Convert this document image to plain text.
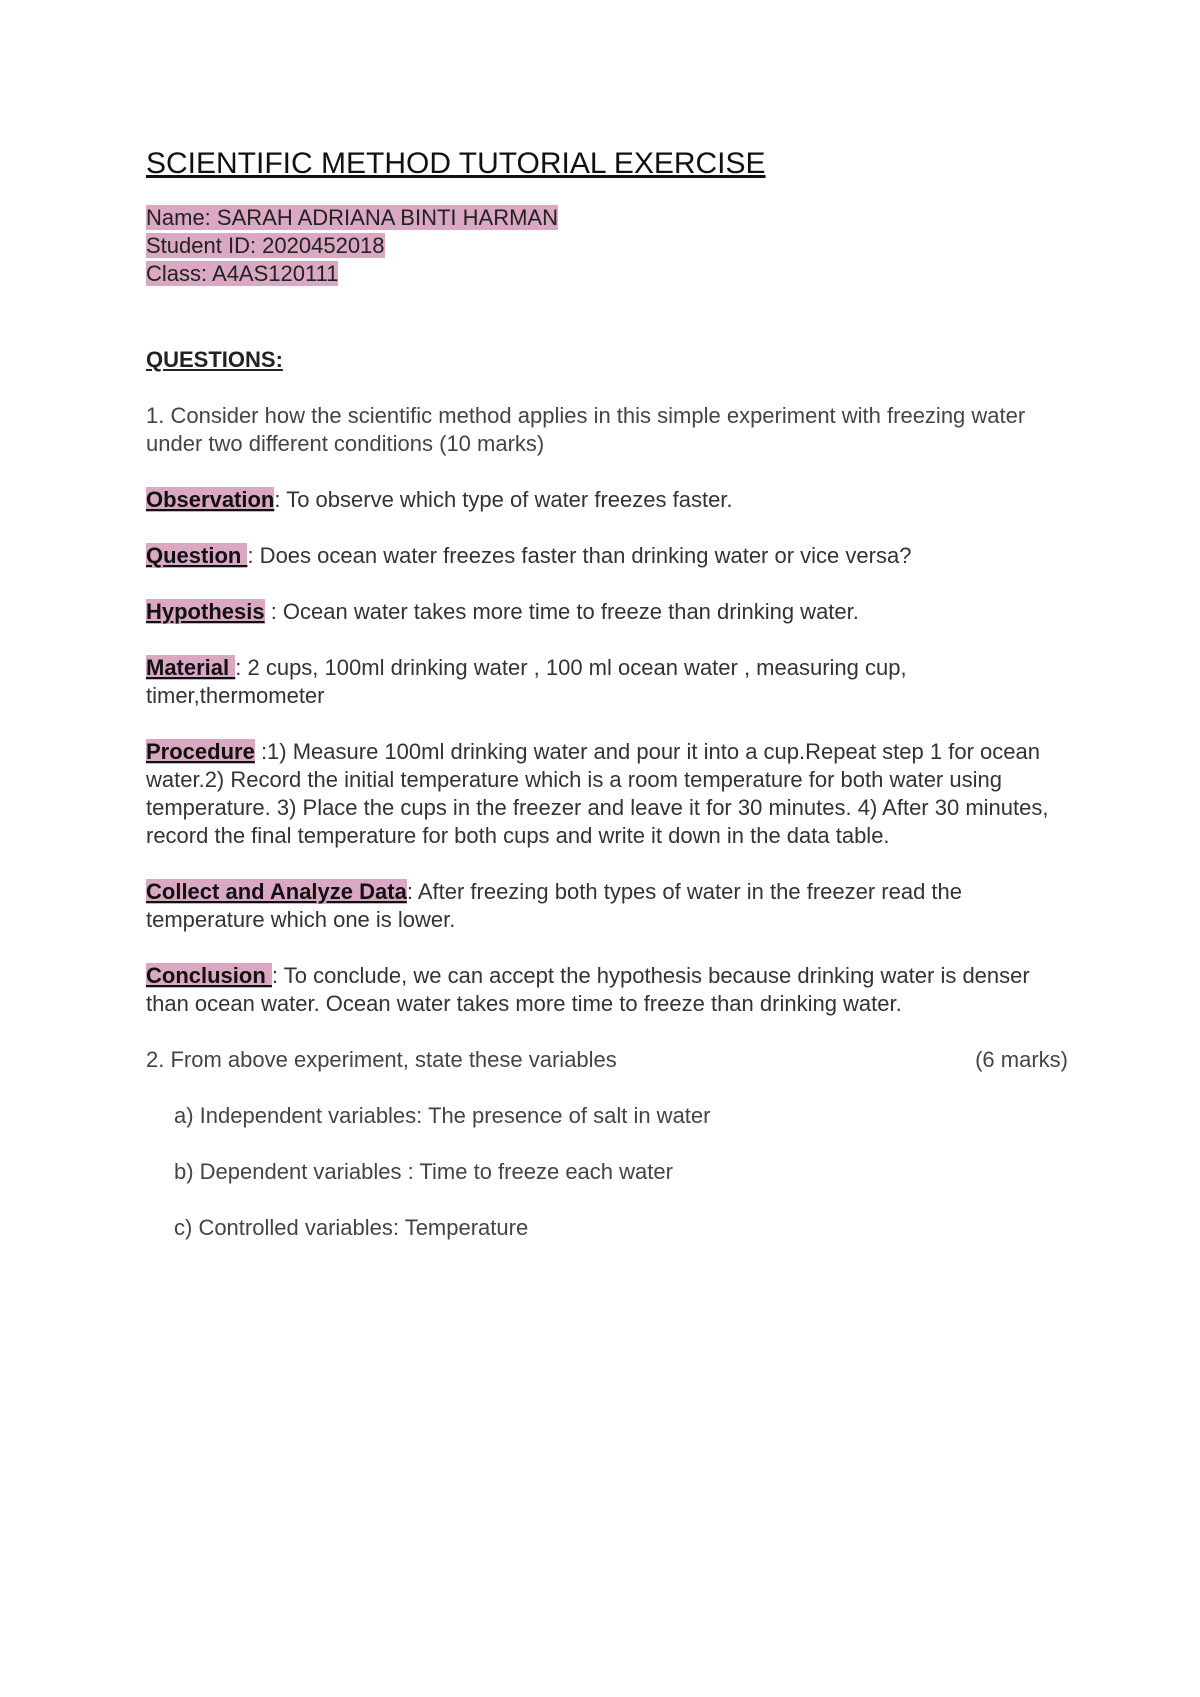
SCIENTIFIC METHOD TUTORIAL EXERCISE
Name: SARAH ADRIANA BINTI HARMAN
Student ID: 2020452018
Class: A4AS120111
QUESTIONS:
1. Consider how the scientific method applies in this simple experiment with freezing water under two different conditions (10 marks)
Observation: To observe which type of water freezes faster.
Question : Does ocean water freezes faster than drinking water or vice versa?
Hypothesis : Ocean water takes more time to freeze than drinking water.
Material : 2 cups, 100ml drinking water , 100 ml ocean water , measuring cup, timer,thermometer
Procedure :1) Measure 100ml drinking water and pour it into a cup.Repeat step 1 for ocean water.2) Record the initial temperature which is a room temperature for both water using temperature. 3) Place the cups in the freezer and leave it for 30 minutes. 4) After 30 minutes, record the final temperature for both cups and write it down in the data table.
Collect and Analyze Data: After freezing both types of water in the freezer read the temperature which one is lower.
Conclusion : To conclude, we can accept the hypothesis because drinking water is denser than ocean water. Ocean water takes more time to freeze than drinking water.
2. From above experiment, state these variables	(6 marks)
a) Independent variables: The presence of salt in water
b) Dependent variables : Time to freeze each water
c) Controlled variables: Temperature
